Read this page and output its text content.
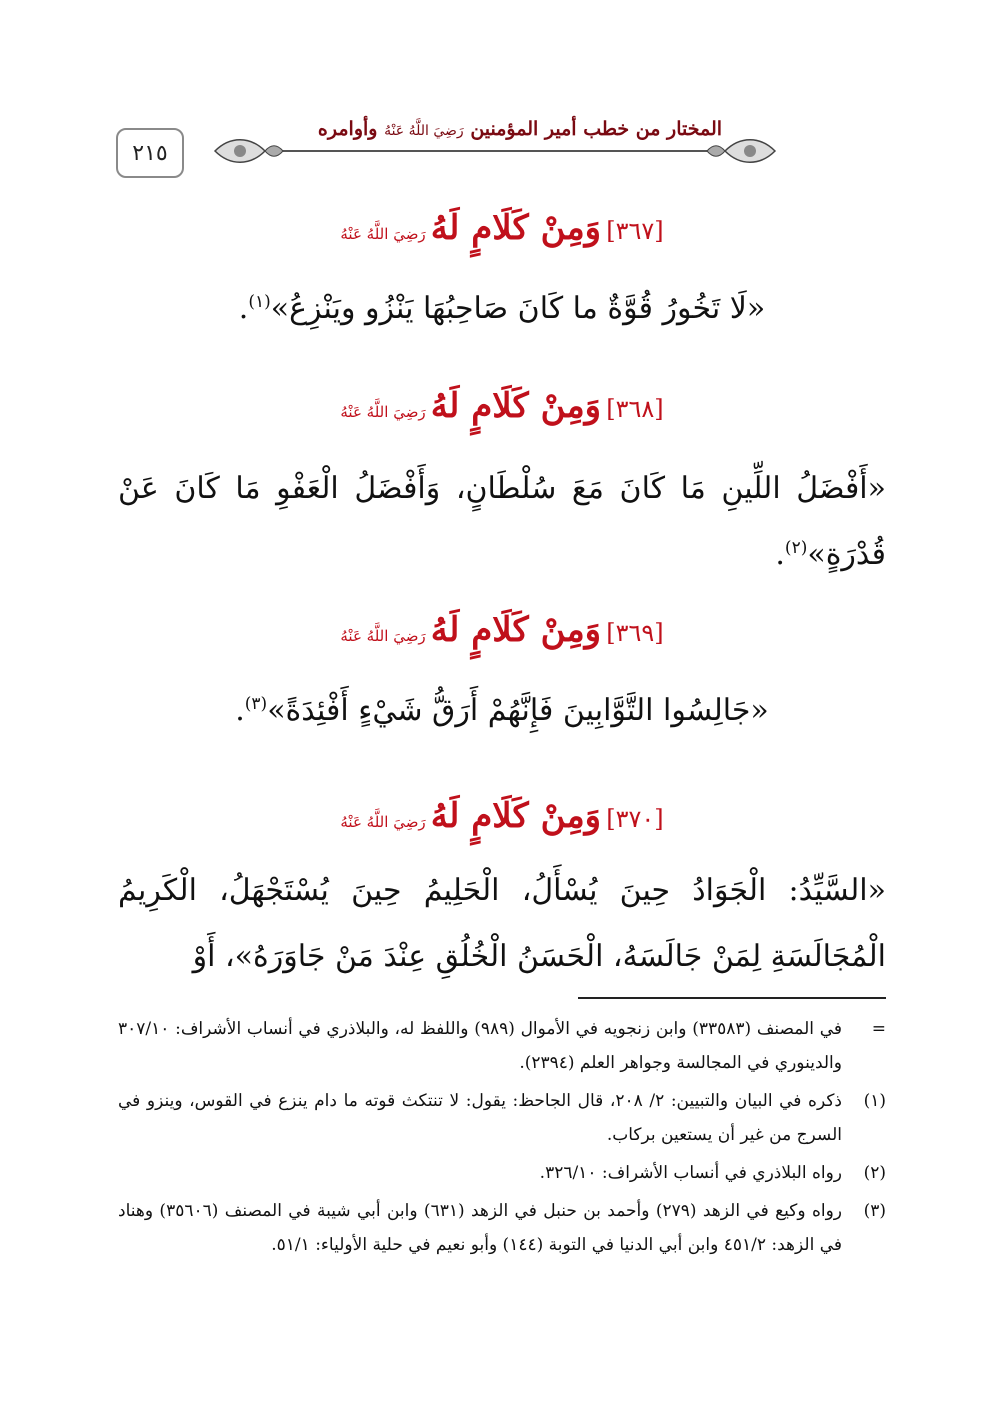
٢١٥
المختار من خطب أمير المؤمنين رَضِيَ اللَّهُ عَنْهُ وأوامره
[٣٦٧] وَمِنْ كَلَامٍ لَهُ رَضِيَ اللَّهُ عَنْهُ
«لَا تَخُورُ قُوَّةٌ ما كَانَ صَاحِبُهَا يَنْزُو ويَنْزِعُ»$^{(١)}$.
[٣٦٨] وَمِنْ كَلَامٍ لَهُ رَضِيَ اللَّهُ عَنْهُ
«أَفْضَلُ اللِّينِ مَا كَانَ مَعَ سُلْطَانٍ، وَأَفْضَلُ الْعَفْوِ مَا كَانَ عَنْ قُدْرَةٍ»$^{(٢)}$.
[٣٦٩] وَمِنْ كَلَامٍ لَهُ رَضِيَ اللَّهُ عَنْهُ
«جَالِسُوا التَّوَّابِينَ فَإِنَّهُمْ أَرَقُّ شَيْءٍ أَفْئِدَةً»$^{(٣)}$.
[٣٧٠] وَمِنْ كَلَامٍ لَهُ رَضِيَ اللَّهُ عَنْهُ
«السَّيِّدُ: الْجَوَادُ حِينَ يُسْأَلُ، الْحَلِيمُ حِينَ يُسْتَجْهَلُ، الْكَرِيمُ الْمُجَالَسَةِ لِمَنْ جَالَسَهُ، الْحَسَنُ الْخُلُقِ عِنْدَ مَنْ جَاوَرَهُ»، أَوْ
=
في المصنف (٣٣٥٨٣) وابن زنجويه في الأموال (٩٨٩) واللفظ له، والبلاذري في أنساب الأشراف: ٣٠٧/١٠ والدينوري في المجالسة وجواهر العلم (٢٣٩٤).
(١)
ذكره في البيان والتبيين: ٢/ ٢٠٨، قال الجاحظ: يقول: لا تنتكث قوته ما دام ينزع في القوس، وينزو في السرج من غير أن يستعين بركاب.
(٢)
رواه البلاذري في أنساب الأشراف: ٣٢٦/١٠.
(٣)
رواه وكيع في الزهد (٢٧٩) وأحمد بن حنبل في الزهد (٦٣١) وابن أبي شيبة في المصنف (٣٥٦٠٦) وهناد في الزهد: ٤٥١/٢ وابن أبي الدنيا في التوبة (١٤٤) وأبو نعيم في حلية الأولياء: ٥١/١.
